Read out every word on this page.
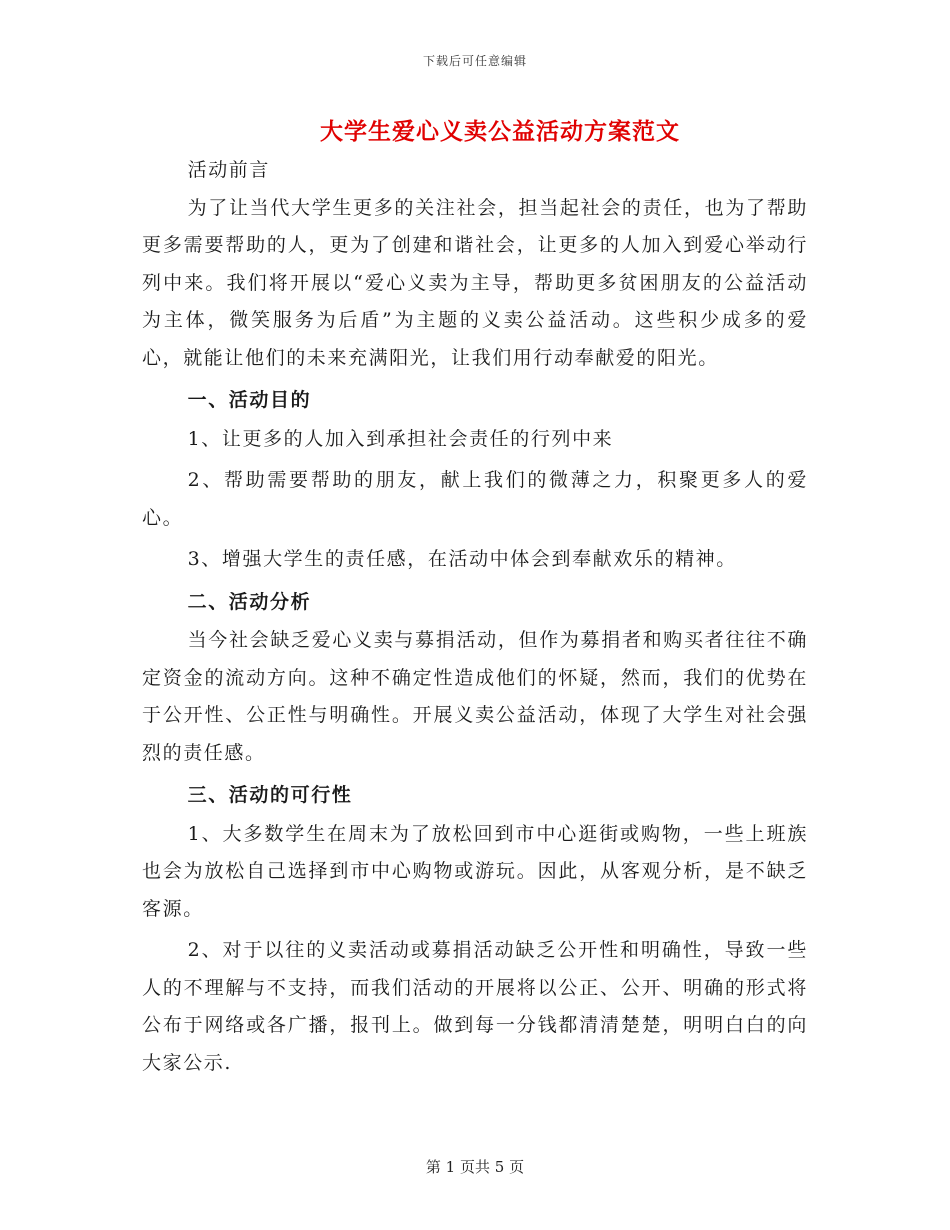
下载后可任意编辑
大学生爱心义卖公益活动方案范文

活动前言

为了让当代大学生更多的关注社会，担当起社会的责任，也为了帮助更多需要帮助的人，更为了创建和谐社会，让更多的人加入到爱心举动行列中来。我们将开展以“爱心义卖为主导，帮助更多贫困朋友的公益活动为主体，微笑服务为后盾”为主题的义卖公益活动。这些积少成多的爱心，就能让他们的未来充满阳光，让我们用行动奉献爱的阳光。

一、活动目的

1、让更多的人加入到承担社会责任的行列中来

2、帮助需要帮助的朋友，献上我们的微薄之力，积聚更多人的爱心。

3、增强大学生的责任感，在活动中体会到奉献欢乐的精神。

二、活动分析

当今社会缺乏爱心义卖与募捐活动，但作为募捐者和购买者往往不确定资金的流动方向。这种不确定性造成他们的怀疑，然而，我们的优势在于公开性、公正性与明确性。开展义卖公益活动，体现了大学生对社会强烈的责任感。

三、活动的可行性

1、大多数学生在周末为了放松回到市中心逛街或购物，一些上班族也会为放松自己选择到市中心购物或游玩。因此，从客观分析，是不缺乏客源。

2、对于以往的义卖活动或募捐活动缺乏公开性和明确性，导致一些人的不理解与不支持，而我们活动的开展将以公正、公开、明确的形式将公布于网络或各广播，报刊上。做到每一分钱都清清楚楚，明明白白的向大家公示.

第 1 页共 5 页
